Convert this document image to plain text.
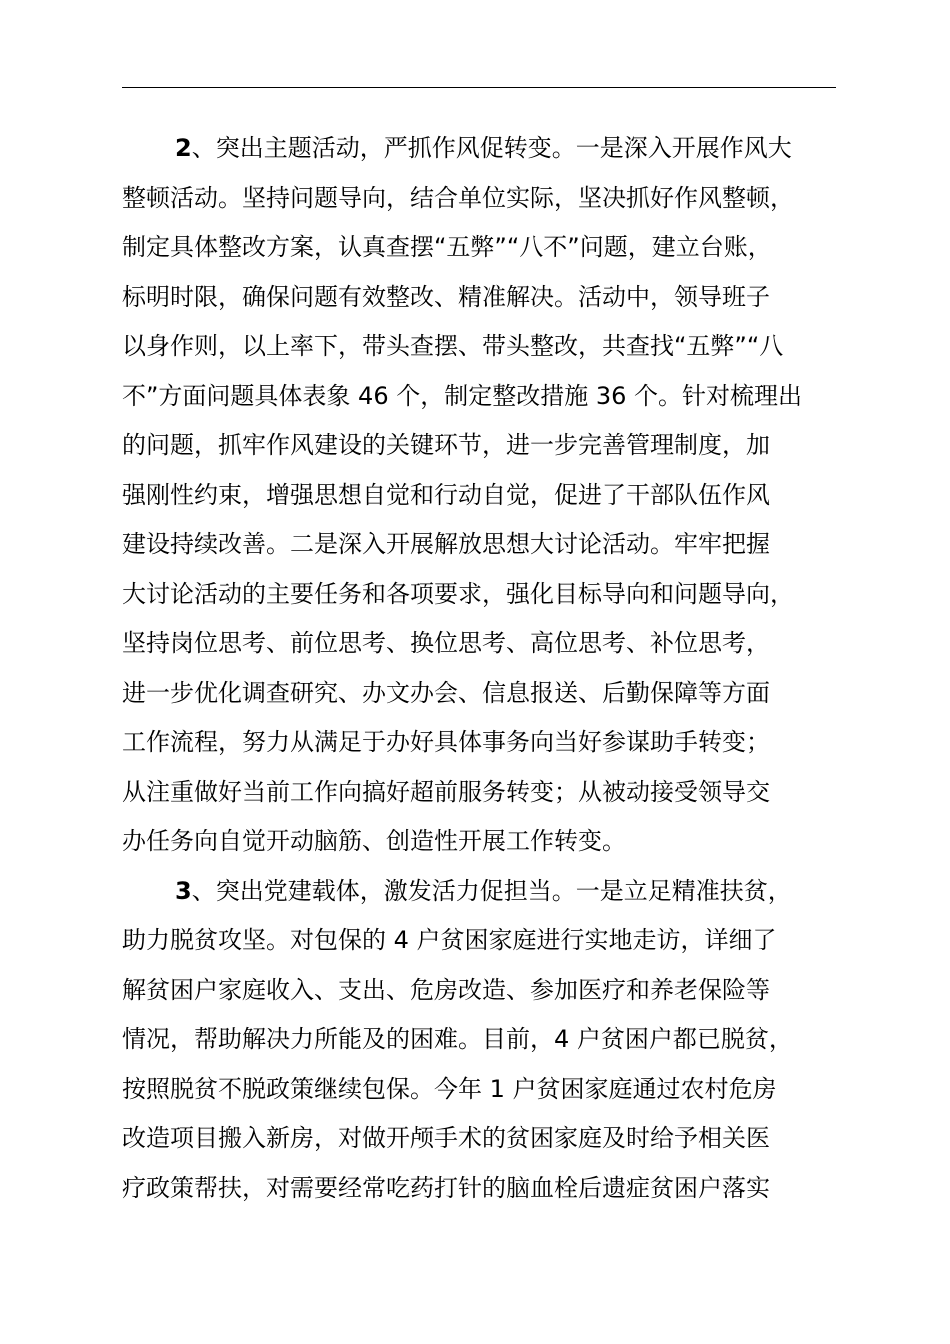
2、突出主题活动，严抓作风促转变。一是深入开展作风大
整顿活动。坚持问题导向，结合单位实际，坚决抓好作风整顿，
制定具体整改方案，认真查摆“五弊”“八不”问题，建立台账，
标明时限，确保问题有效整改、精准解决。活动中，领导班子
以身作则，以上率下，带头查摆、带头整改，共查找“五弊”“八
不”方面问题具体表象 46 个，制定整改措施 36 个。针对梳理出
的问题，抓牢作风建设的关键环节，进一步完善管理制度，加
强刚性约束，增强思想自觉和行动自觉，促进了干部队伍作风
建设持续改善。二是深入开展解放思想大讨论活动。牢牢把握
大讨论活动的主要任务和各项要求，强化目标导向和问题导向，
坚持岗位思考、前位思考、换位思考、高位思考、补位思考，
进一步优化调查研究、办文办会、信息报送、后勤保障等方面
工作流程，努力从满足于办好具体事务向当好参谋助手转变；
从注重做好当前工作向搞好超前服务转变；从被动接受领导交
办任务向自觉开动脑筋、创造性开展工作转变。
3、突出党建载体，激发活力促担当。一是立足精准扶贫，
助力脱贫攻坚。对包保的 4 户贫困家庭进行实地走访，详细了
解贫困户家庭收入、支出、危房改造、参加医疗和养老保险等
情况，帮助解决力所能及的困难。目前，4 户贫困户都已脱贫，
按照脱贫不脱政策继续包保。今年 1 户贫困家庭通过农村危房
改造项目搬入新房，对做开颅手术的贫困家庭及时给予相关医
疗政策帮扶，对需要经常吃药打针的脑血栓后遗症贫困户落实
